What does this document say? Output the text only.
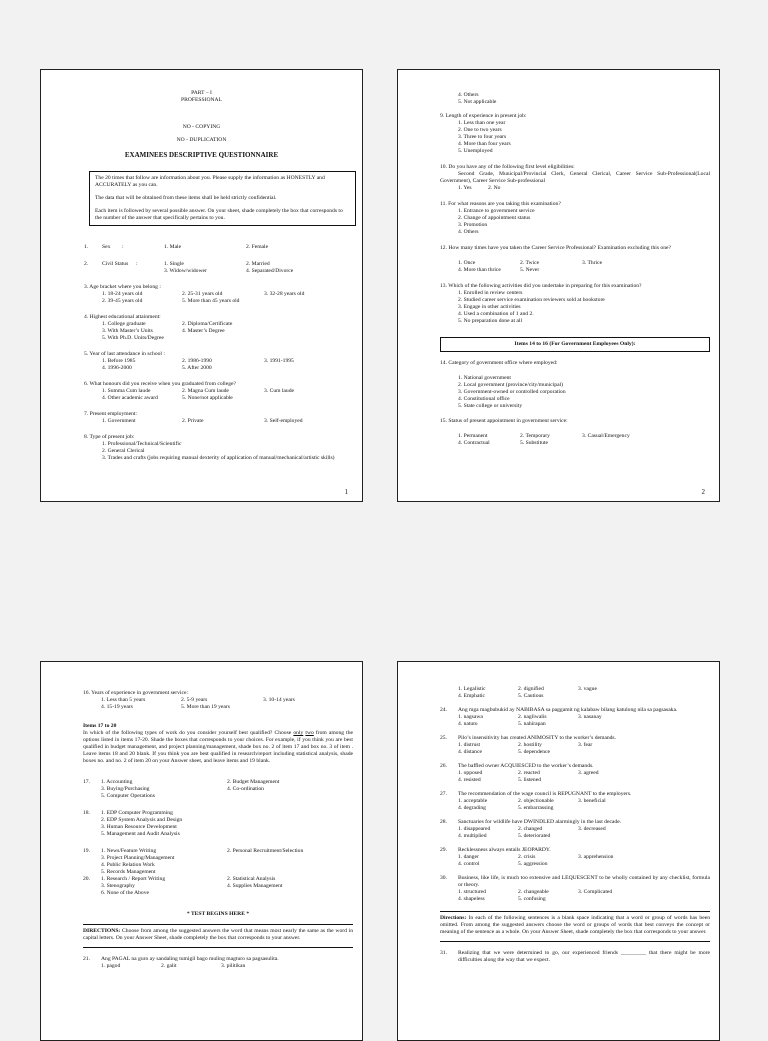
PART – I
PROFESSIONAL
NO - COPYING
NO - DUPLICATION
EXAMINEES DESCRIPTIVE QUESTIONNAIRE
The 20 times that follow are information about you. Please supply the information as HONESTLY and ACCURATELY as you can.
The data that will be obtained from these items shall be held strictly confidential.
Each item is followed by several possible answer. On your sheet, shade completely the box that corresponds to the number of the answer that specifically pertains to you.
1.	Sex	:	1. Male	2. Female
2.	Civil Status	:	1. Single	2. Married
3. Widow/widower	4. Separated/Divorce
3. Age bracket where you belong :
1. 18-24 years old	2. 25-31 years old	3. 32-28 years old
2. 39-45 years old	5. More than 45 years old
4. Highest educational attainment:
1. College graduate	2. Diploma/Certificate
3. With Master’s Units	4. Master’s Degree
5. With Ph.D. Units/Degree
5. Year of last attendance in school :
1. Before 1985	2. 1986-1990	3. 1991-1995
4. 1996-2000	5. After 2000
6. What honours did you receive when you graduated from college?
1. Summa Cum laude	2. Magna Cum laude	3. Cum laude
4. Other academic award	5. None/not applicable
7. Present employment:
1. Government	2. Private	3. Self-employed
8. Type of present job:
1. Professional/Technical/Scientific
2. General Clerical
3. Trades and crafts (jobs requiring manual dexterity of application of manual/mechanical/artistic skills)
1
4. Others
5. Not applicable
9. Length of experience in present job:
1. Less than one year
2. One to two years
3. Three to four years
4. More than four years
5. Unemployed
10. Do you have any of the following first level eligibilities:
Second Grade, Municipal/Provincial Clerk, General Clerical, Career Service Sub-Professional(Local Government), Career Service Sub-professional
1. Yes	2. No
11. For what reasons are you taking this examination?
1. Entrance to government service
2. Change of appointment status
3. Promotion
4. Others
12. How many times have you taken the Career Service Professional? Examination excluding this one?
1. Once	2. Twice	3. Thrice
4. More than thrice	5. Never
13. Which of the following activities did you undertake in preparing for this examination?
1. Enrolled in review centers
2. Studied career service examination reviewers sold at bookstore
3. Engage in other activities
4. Used a combination of 1 and 2.
5. No preparation done at all
Items 14 to 16 (For Government Employees Only):
14. Category of government office where employed:
1. National government
2. Local government (province/city/municipal)
3. Government-owned or controlled corporation
4. Constitutional office
5. State college or university
15. Status of present appointment in government service:
1. Permanent	2. Temporary	3. Casual/Emergency
4. Contractual	5. Substitute
2
16. Years of experience in government service:
1. Less than 5 years	2. 5-9 years	3. 10-14 years
4. 15-19 years	5. More than 19 years
Items 17 to 20
In which of the following types of work do you consider yourself best qualified? Choose only two from among the options listed in items 17-20. Shade the boxes that corresponds to your choices. For example, if you think you are best qualified in budget management, and project planning/management, shade box no. 2 of item 17 and box no. 3 of item . Leave items 18 and 20 blank. If you think you are best qualified in research/report including statistical analysis, shade boxes no. and no. 2 of item 20 on your Answer sheet, and leave items and 19 blank.
17.	1. Accounting	2. Budget Management
3. Buying/Purchasing	4. Co-ordination
5. Computer Operations
18.	1. EDP Computer Programming
2. EDP System Analysis and Design
3. Human Resource Development
5. Management and Audit Analysis
19.	1. News/Feature Writing	2. Personal Recruitment/Selection
3. Project Planning/Management
4. Public Relation Work
5. Records Management
20.	1. Research / Report Writing	2. Statistical Analysis
3. Stenography	4. Supplies Management
6. None of the Above
* TEST BEGINS HERE *
DIRECTIONS: Choose from among the suggested answers the word that means most nearly the same as the word in capital letters. On your Answer Sheet, shade completely the box that corresponds to your answer.
21.	Ang PAGAL na guro ay sandaling tumigil bago muling magturo sa pagsasulita.
1. pagod	2. galit	3. pilitikan
1. Legalistic	2. dignified	3. vague
4. Emphatic	5. Cautious
24.	Ang mga magbubukid ay NABIBASA sa paggamit ng kalabaw bilang katulong nila sa pagsasaka.
1. nagsawa	2. nagliwalis	3. nasanay
4. natuto	5. nahirapan
25.	Pilo’s insensitivity has created ANIMOSITY to the worker’s demands.
1. distrust	2. hostility	3. fear
4. distance	5. dependence
26.	The baffled owner ACQUIESCED to the worker’s demands.
1. opposed	2. reacted	3. agreed
4. resisted	5. listened
27.	The recommendation of the wage council is REPUGNANT to the employers.
1. acceptable	2. objectionable	3. beneficial
4. degrading	5. embarrassing
28.	Sanctuaries for wildlife have DWINDLED alarmingly in the last decade.
1. disappeared	2. changed	3. decreased
4. multiplied	5. deteriorated
29.	Recklessness always entails JEOPARDY.
1. danger	2. crisis	3. apprehension
4. control	5. aggression
30.	Business, like life, is much too extensive and LEQUESCENT to be wholly contained by any checklist, formula or theory.
1. structured	2. changeable	3. Complicated
4. shapeless	5. confusing
Directions: In each of the following sentences is a blank space indicating that a word or group of words has been omitted. From among the suggested answers choose the word or groups of words that best conveys the concept or meaning of the sentence as a whole. On your Answer Sheet, shade completely the box that corresponds to your answer.
31.	Realizing that we were determined to go, our experienced friends _________ that there might be more difficulties along the way that we expect.
